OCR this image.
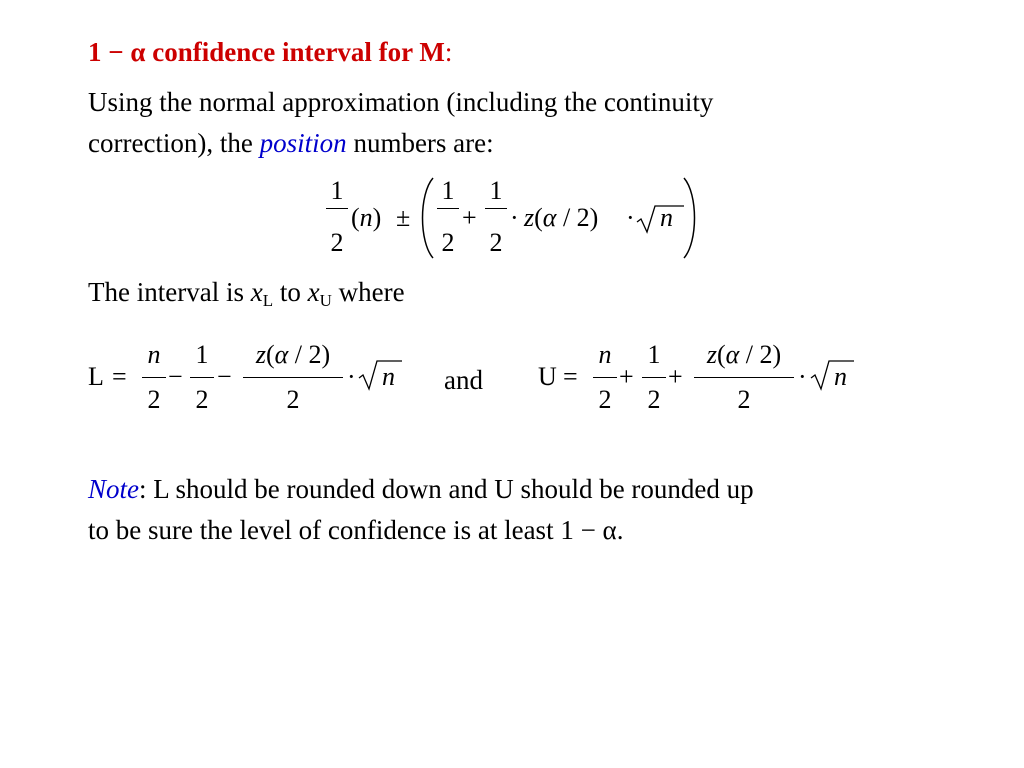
1 − α confidence interval for M:
Using the normal approximation (including the continuity
correction), the position numbers are:
1
2
(n) ±
1
2
+
1
2
· z(α / 2) · n
The interval is $x_L$ to $x_U$ where
L =
n
2
−
1
2
−
z(α / 2)
2
· n and U =
n
2
+
1
2
+
z(α / 2)
2
· n
Note: L should be rounded down and U should be rounded up
to be sure the level of confidence is at least 1 − α.
